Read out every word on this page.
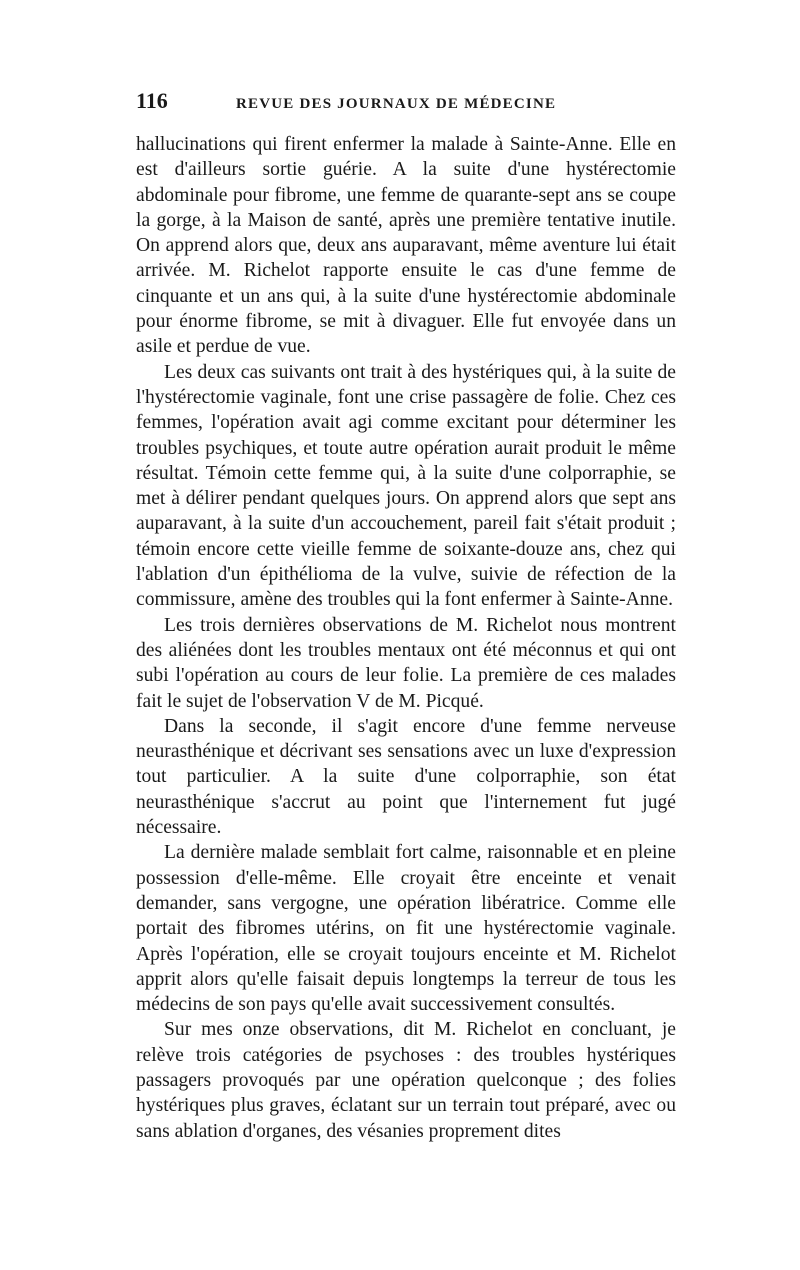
116	REVUE DES JOURNAUX DE MÉDECINE

hallucinations qui firent enfermer la malade à Sainte-Anne. Elle en est d'ailleurs sortie guérie. A la suite d'une hystérectomie abdominale pour fibrome, une femme de quarante-sept ans se coupe la gorge, à la Maison de santé, après une première tentative inutile. On apprend alors que, deux ans auparavant, même aventure lui était arrivée. M. Richelot rapporte ensuite le cas d'une femme de cinquante et un ans qui, à la suite d'une hystérectomie abdominale pour énorme fibrome, se mit à divaguer. Elle fut envoyée dans un asile et perdue de vue.

Les deux cas suivants ont trait à des hystériques qui, à la suite de l'hystérectomie vaginale, font une crise passagère de folie. Chez ces femmes, l'opération avait agi comme excitant pour déterminer les troubles psychiques, et toute autre opération aurait produit le même résultat. Témoin cette femme qui, à la suite d'une colporraphie, se met à délirer pendant quelques jours. On apprend alors que sept ans auparavant, à la suite d'un accouchement, pareil fait s'était produit ; témoin encore cette vieille femme de soixante-douze ans, chez qui l'ablation d'un épithélioma de la vulve, suivie de réfection de la commissure, amène des troubles qui la font enfermer à Sainte-Anne.

Les trois dernières observations de M. Richelot nous montrent des aliénées dont les troubles mentaux ont été méconnus et qui ont subi l'opération au cours de leur folie. La première de ces malades fait le sujet de l'observation V de M. Picqué.

Dans la seconde, il s'agit encore d'une femme nerveuse neurasthénique et décrivant ses sensations avec un luxe d'expression tout particulier. A la suite d'une colporraphie, son état neurasthénique s'accrut au point que l'internement fut jugé nécessaire.

La dernière malade semblait fort calme, raisonnable et en pleine possession d'elle-même. Elle croyait être enceinte et venait demander, sans vergogne, une opération libératrice. Comme elle portait des fibromes utérins, on fit une hystérectomie vaginale. Après l'opération, elle se croyait toujours enceinte et M. Richelot apprit alors qu'elle faisait depuis longtemps la terreur de tous les médecins de son pays qu'elle avait successivement consultés.

Sur mes onze observations, dit M. Richelot en concluant, je relève trois catégories de psychoses : des troubles hystériques passagers provoqués par une opération quelconque ; des folies hystériques plus graves, éclatant sur un terrain tout préparé, avec ou sans ablation d'organes, des vésanies proprement dites
